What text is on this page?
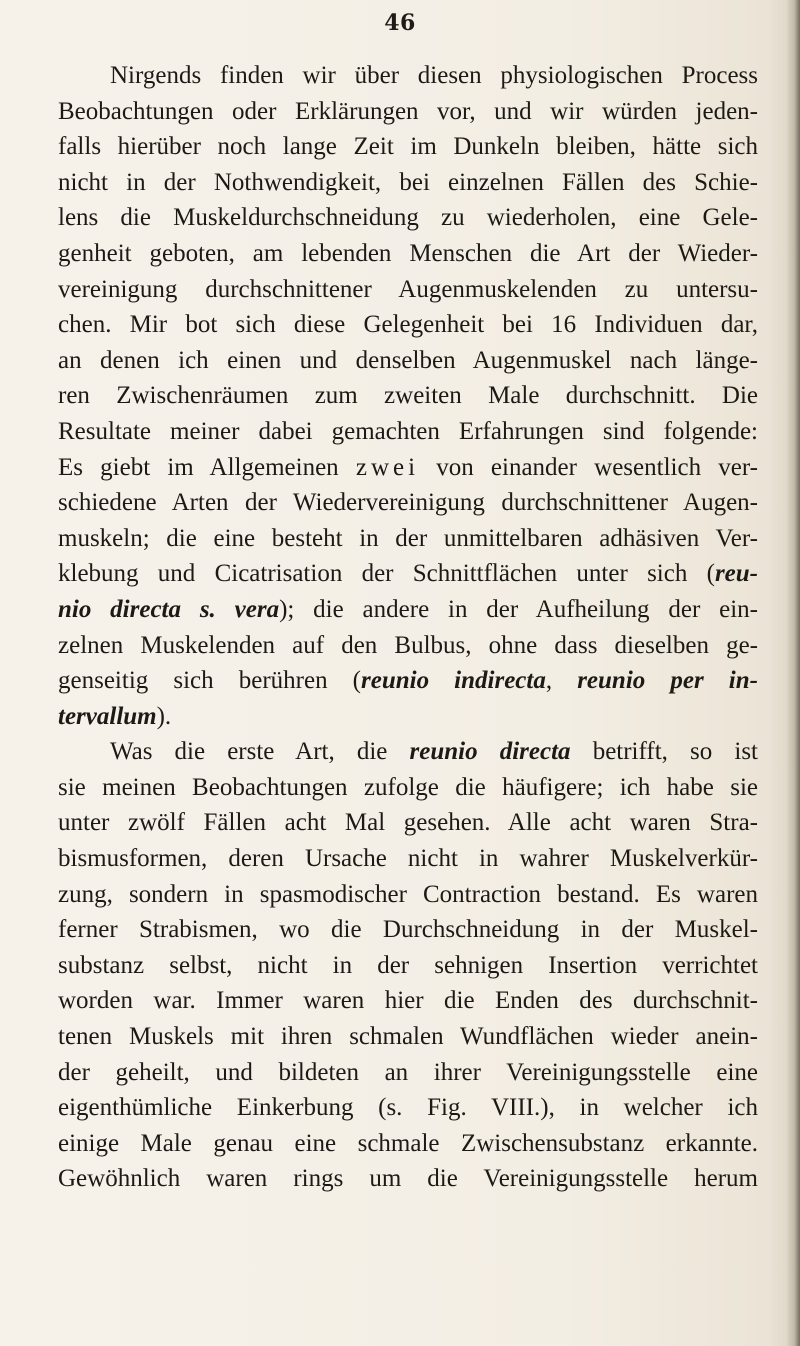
46
Nirgends finden wir über diesen physiologischen Process
Beobachtungen oder Erklärungen vor, und wir würden jeden-
falls hierüber noch lange Zeit im Dunkeln bleiben, hätte sich
nicht in der Nothwendigkeit, bei einzelnen Fällen des Schie-
lens die Muskeldurchschneidung zu wiederholen, eine Gele-
genheit geboten, am lebenden Menschen die Art der Wieder-
vereinigung durchschnittener Augenmuskelenden zu untersu-
chen. Mir bot sich diese Gelegenheit bei 16 Individuen dar,
an denen ich einen und denselben Augenmuskel nach länge-
ren Zwischenräumen zum zweiten Male durchschnitt. Die
Resultate meiner dabei gemachten Erfahrungen sind folgende:
Es giebt im Allgemeinen zwei von einander wesentlich ver-
schiedene Arten der Wiedervereinigung durchschnittener Augen-
muskeln; die eine besteht in der unmittelbaren adhäsiven Ver-
klebung und Cicatrisation der Schnittflächen unter sich (reu-
nio directa s. vera); die andere in der Aufheilung der ein-
zelnen Muskelenden auf den Bulbus, ohne dass dieselben ge-
genseitig sich berühren (reunio indirecta, reunio per in-
tervallum).
Was die erste Art, die reunio directa betrifft, so ist
sie meinen Beobachtungen zufolge die häufigere; ich habe sie
unter zwölf Fällen acht Mal gesehen. Alle acht waren Stra-
bismusformen, deren Ursache nicht in wahrer Muskelverkür-
zung, sondern in spasmodischer Contraction bestand. Es waren
ferner Strabismen, wo die Durchschneidung in der Muskel-
substanz selbst, nicht in der sehnigen Insertion verrichtet
worden war. Immer waren hier die Enden des durchschnit-
tenen Muskels mit ihren schmalen Wundflächen wieder anein-
der geheilt, und bildeten an ihrer Vereinigungsstelle eine
eigenthümliche Einkerbung (s. Fig. VIII.), in welcher ich
einige Male genau eine schmale Zwischensubstanz erkannte.
Gewöhnlich waren rings um die Vereinigungsstelle herum
